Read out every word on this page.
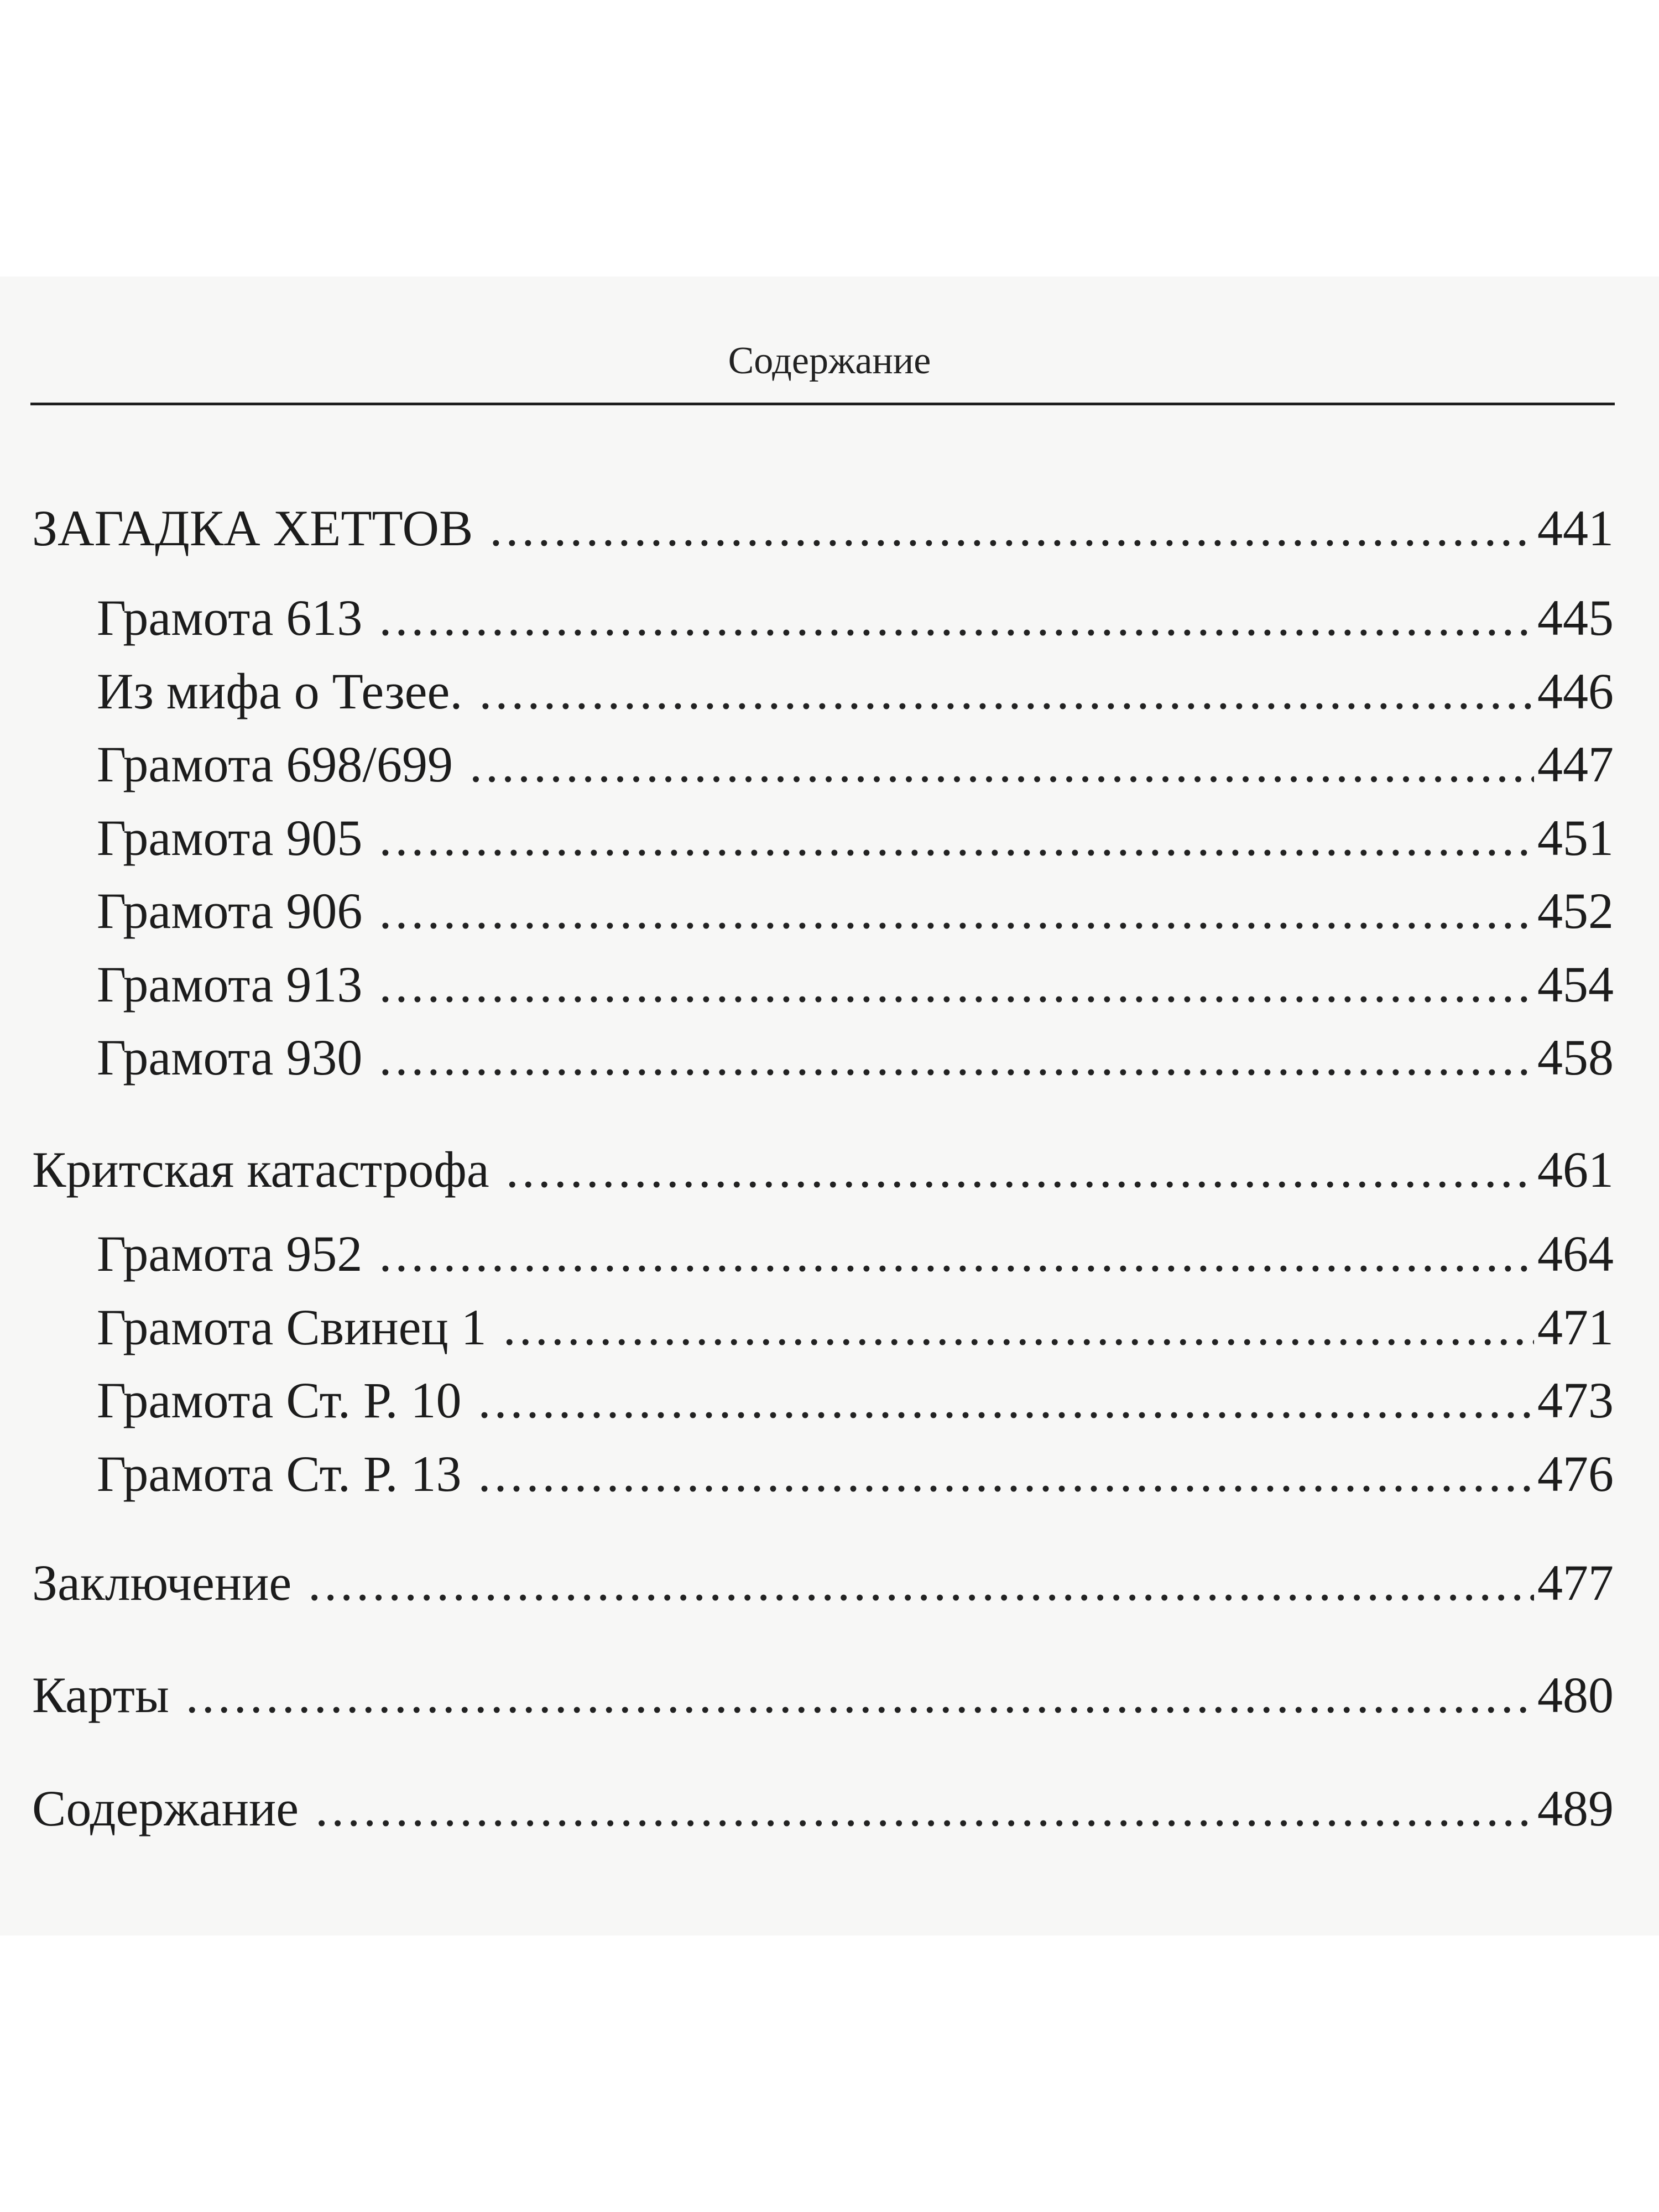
Содержание
ЗАГАДКА ХЕТТОВ .....	441
Грамота 613 .....	445
Из мифа о Тезее. .....	446
Грамота 698/699 .....	447
Грамота 905 .....	451
Грамота 906 .....	452
Грамота 913 .....	454
Грамота 930 .....	458
Критская катастрофа .....	461
Грамота 952 .....	464
Грамота Свинец 1 .....	471
Грамота Ст. Р. 10 .....	473
Грамота Ст. Р. 13 .....	476
Заключение .....	477
Карты .....	480
Содержание .....	489
